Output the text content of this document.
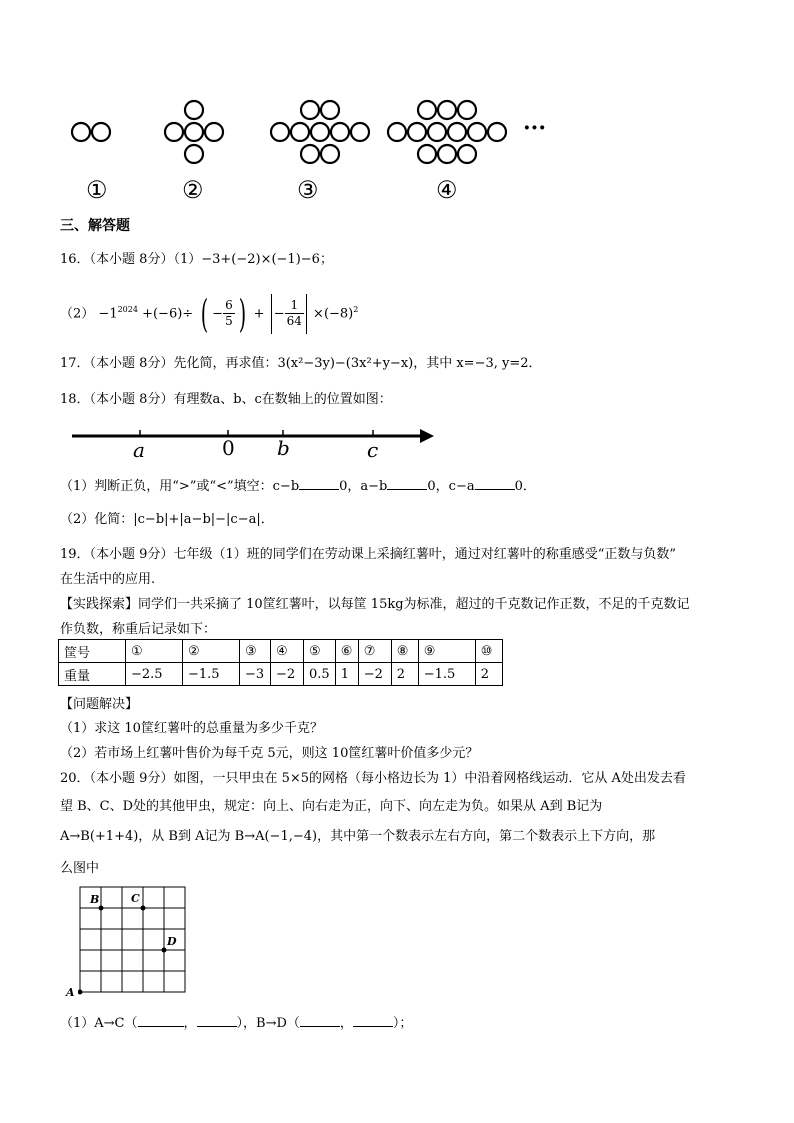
···
①	②	③	④
三、解答题
16．（本小题 8分）（1）−3+(−2)×(−1)−6；
$(2) -1^{2024} +(-6)\div$ ( − $\frac{6}{5}$ ) + − $\frac{1}{64} \times(-8)^2$
17．（本小题 8分）先化简，再求值：3(x²−3y)−(3x²+y−x)，其中 x=−3, y=2．
18．（本小题 8分）有理数a、b、c在数轴上的位置如图：
a	0 b	c
（1）判断正负，用“>”或“<”填空：c−b	0，a−b	0，c−a	0．
（2）化简：|c−b|+|a−b|−|c−a|．
19．（本小题 9分）七年级（1）班的同学们在劳动课上采摘红薯叶，通过对红薯叶的称重感受“正数与负数”
在生活中的应用.
【实践探索】同学们一共采摘了 10筐红薯叶，以每筐 15kg为标准，超过的千克数记作正数，不足的千克数记
作负数，称重后记录如下：
筐号	①	②	③	④	⑤	⑥	⑦	⑧	⑨	⑩
重量	−2.5	−1.5	−3	−2	0.5	1	−2	2	−1.5	2
【问题解决】
（1）求这 10筐红薯叶的总重量为多少千克？
（2）若市场上红薯叶售价为每千克 5元，则这 10筐红薯叶价值多少元？
20．（本小题 9分）如图，一只甲虫在 5×5的网格（每小格边长为 1）中沿着网格线运动．它从 A处出发去看
望 B、C、D处的其他甲虫，规定：向上、向右走为正，向下、向左走为负。如果从 A到 B记为
A→B(+1+4)，从 B到 A记为 B→A(−1,−4)，其中第一个数表示左右方向，第二个数表示上下方向，那
么图中
A
B	C
D
（1）A→C（	，	），B→D（	，	）；
